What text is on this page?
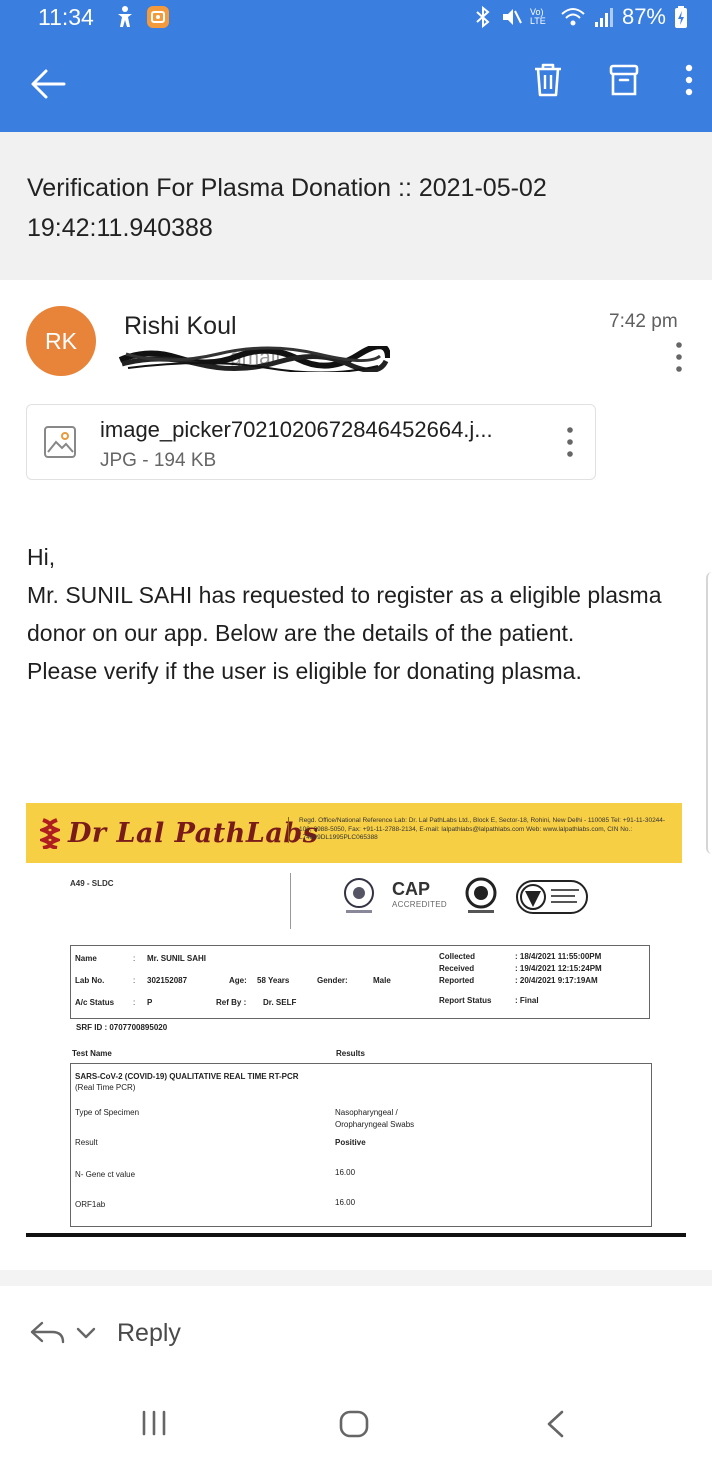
11:34	Vo) LTE	87%
Verification For Plasma Donation :: 2021-05-02 19:42:11.940388
RK
Rishi Koul
gmail
7:42 pm
image_picker7021020672846452664.j...
JPG - 194 KB

Hi,

Mr. SUNIL SAHI has requested to register as a eligible plasma donor on our app. Below are the details of the patient.

Please verify if the user is eligible for donating plasma.

Dr Lal PathLabs
Regd. Office/National Reference Lab: Dr. Lal PathLabs Ltd., Block E, Sector-18, Rohini, New Delhi - 110085 Tel: +91-11-30244-100, 3988-5050, Fax: +91-11-2788-2134, E-mail: lalpathlabs@lalpathlabs.com Web: www.lalpathlabs.com, CIN No.: L74899DL1995PLC065388
A49 - SLDC	CAP
ACCREDITED
Name	: Mr. SUNIL SAHI
Lab No.	: 302152087	Age: 58 Years	Gender:	Male
A/c Status : P	Ref By : Dr. SELF
Collected	: 18/4/2021 11:55:00PM
Received	: 19/4/2021 12:15:24PM
Reported	: 20/4/2021 9:17:19AM
Report Status	: Final
SRF ID : 0707700895020
Test Name	Results
SARS-CoV-2 (COVID-19) QUALITATIVE REAL TIME RT-PCR
(Real Time PCR)
Type of Specimen	Nasopharyngeal /
Oropharyngeal Swabs
Result	Positive
N- Gene ct value	16.00
ORF1ab	16.00
Reply
